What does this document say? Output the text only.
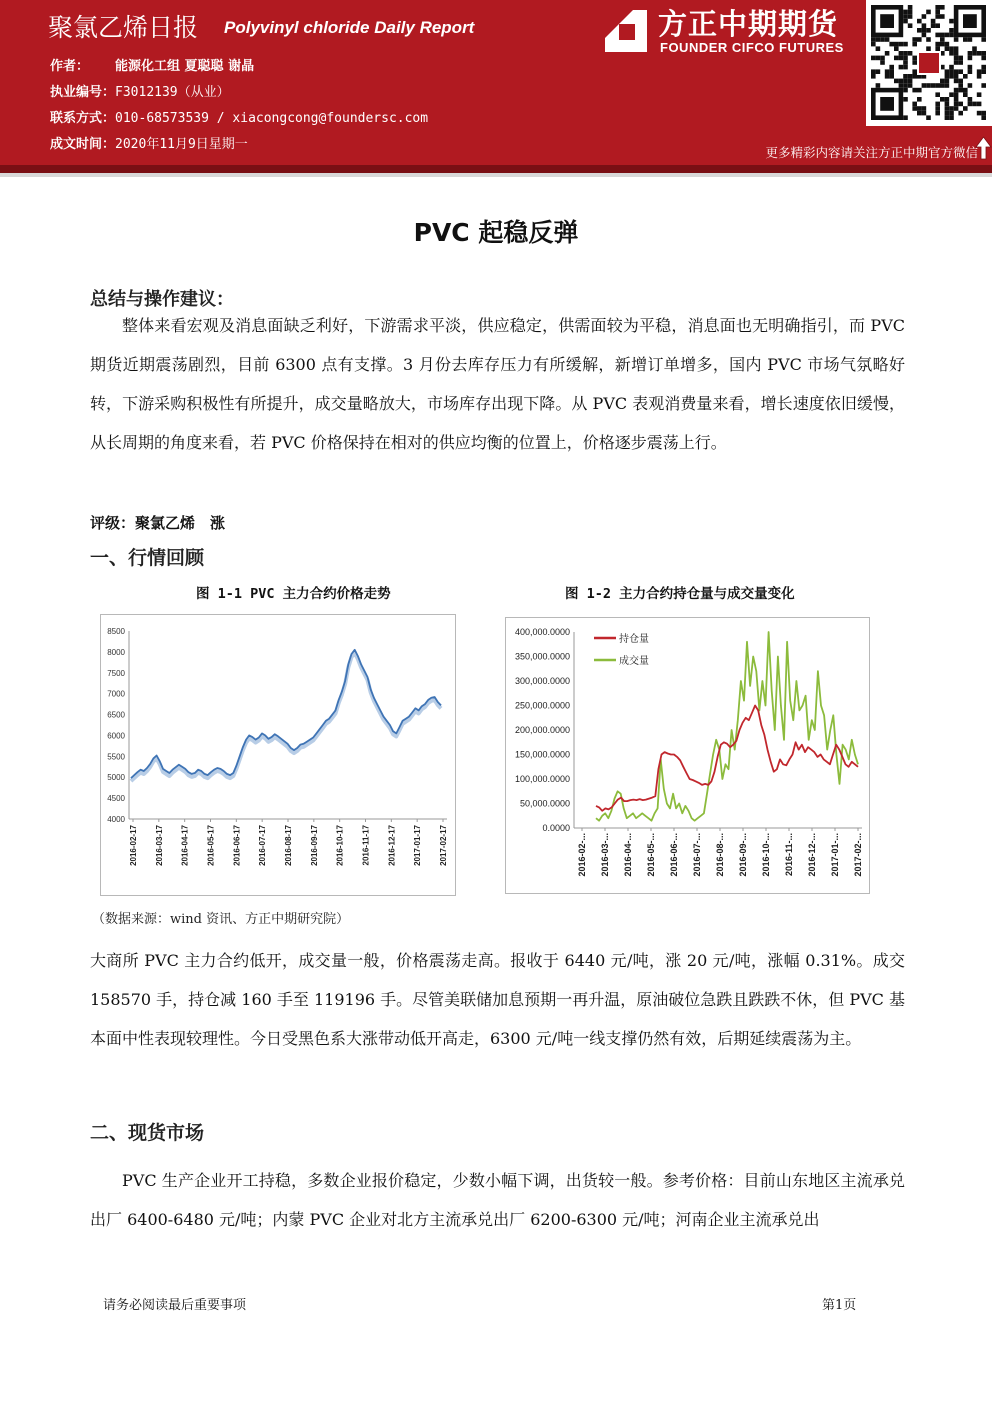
聚氯乙烯日报 Polyvinyl chloride Daily Report
作者： 能源化工组 夏聪聪 谢晶
执业编号：F3012139（从业）
联系方式：010-68573539 / xiacongcong@foundersc.com
成文时间：2020年11月9日星期一
方正中期期货
FOUNDER CIFCO FUTURES
更多精彩内容请关注方正中期官方微信
PVC 起稳反弹
总结与操作建议：

整体来看宏观及消息面缺乏利好，下游需求平淡，供应稳定，供需面较为平稳，消息面也无明确指引，而 PVC 期货近期震荡剧烈，目前 6300 点有支撑。3 月份去库存压力有所缓解，新增订单增多，国内 PVC 市场气氛略好转，下游采购积极性有所提升，成交量略放大，市场库存出现下降。从 PVC 表观消费量来看，增长速度依旧缓慢，从长周期的角度来看，若 PVC 价格保持在相对的供应均衡的位置上，价格逐步震荡上行。

评级：聚氯乙烯　涨
一、行情回顾
图 1-1 PVC 主力合约价格走势	图 1-2 主力合约持仓量与成交量变化
4000
4500
5000
5500
6000
6500
7000
7500
8000
8500
2016-02-17 2016-03-17 2016-04-17 2016-05-17 2016-06-17 2016-07-17 2016-08-17 2016-09-17 2016-10-17 2016-11-17 2016-12-17 2017-01-17 2017-02-17	0.0000
50,000.0000
100,000.0000
150,000.0000
200,000.0000
250,000.0000
300,000.0000
350,000.0000
400,000.0000
2016-02-... 2016-03-... 2016-04-... 2016-05-... 2016-06-... 2016-07-... 2016-08-... 2016-09-... 2016-10-... 2016-11-... 2016-12-... 2017-01-... 2017-02-...
持仓量
成交量
（数据来源：wind 资讯、方正中期研究院）

大商所 PVC 主力合约低开，成交量一般，价格震荡走高。报收于 6440 元/吨，涨 20 元/吨，涨幅 0.31%。成交 158570 手，持仓减 160 手至 119196 手。尽管美联储加息预期一再升温，原油破位急跌且跌跌不休，但 PVC 基本面中性表现较理性。今日受黑色系大涨带动低开高走，6300 元/吨一线支撑仍然有效，后期延续震荡为主。

二、现货市场

PVC 生产企业开工持稳，多数企业报价稳定，少数小幅下调，出货较一般。参考价格：目前山东地区主流承兑出厂 6400-6480 元/吨；内蒙 PVC 企业对北方主流承兑出厂 6200-6300 元/吨；河南企业主流承兑出

请务必阅读最后重要事项	第1页
